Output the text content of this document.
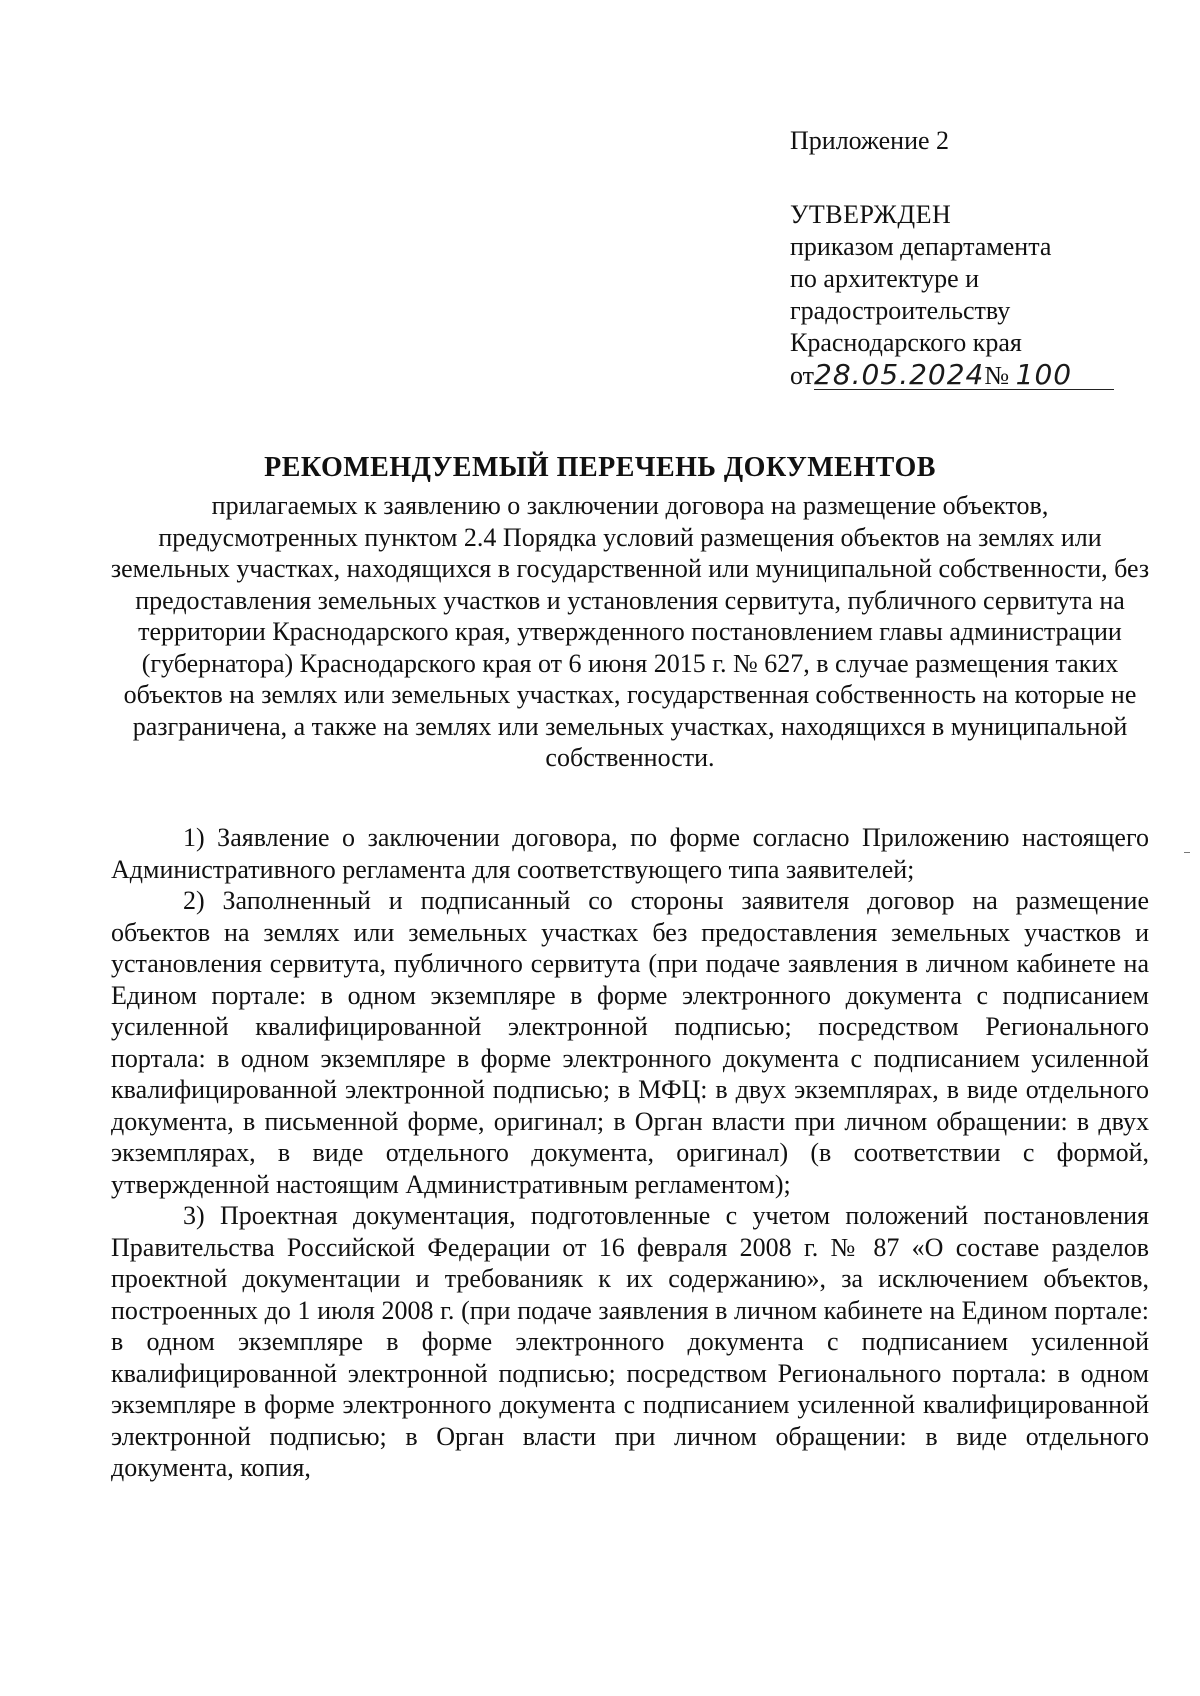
Приложение 2
УТВЕРЖДЕН
приказом департамента
по архитектуре и
градостроительству
Краснодарского края
от28.05.2024№ 100
РЕКОМЕНДУЕМЫЙ ПЕРЕЧЕНЬ ДОКУМЕНТОВ
прилагаемых к заявлению о заключении договора на размещение объектов, предусмотренных пунктом 2.4 Порядка условий размещения объектов на землях или земельных участках, находящихся в государственной или муниципальной собственности, без предоставления земельных участков и установления сервитута, публичного сервитута на территории Краснодарского края, утвержденного постановлением главы администрации (губернатора) Краснодарского края от 6 июня 2015 г. № 627, в случае размещения таких объектов на землях или земельных участках, государственная собственность на которые не разграничена, а также на землях или земельных участках, находящихся в муниципальной собственности.

1) Заявление о заключении договора, по форме согласно Приложению настоящего Административного регламента для соответствующего типа заявителей;

2) Заполненный и подписанный со стороны заявителя договор на размещение объектов на землях или земельных участках без предоставления земельных участков и установления сервитута, публичного сервитута (при подаче заявления в личном кабинете на Едином портале: в одном экземпляре в форме электронного документа с подписанием усиленной квалифицированной электронной подписью; посредством Регионального портала: в одном экземпляре в форме электронного документа с подписанием усиленной квалифицированной электронной подписью; в МФЦ: в двух экземплярах, в виде отдельного документа, в письменной форме, оригинал; в Орган власти при личном обращении: в двух экземплярах, в виде отдельного документа, оригинал) (в соответствии с формой, утвержденной настоящим Административным регламентом);

3) Проектная документация, подготовленные с учетом положений постановления Правительства Российской Федерации от 16 февраля 2008 г. № 87 «О составе разделов проектной документации и требованияк к их содержанию», за исключением объектов, построенных до 1 июля 2008 г. (при подаче заявления в личном кабинете на Едином портале: в одном экземпляре в форме электронного документа с подписанием усиленной квалифицированной электронной подписью; посредством Регионального портала: в одном экземпляре в форме электронного документа с подписанием усиленной квалифицированной электронной подписью; в Орган власти при личном обращении: в виде отдельного документа, копия,
